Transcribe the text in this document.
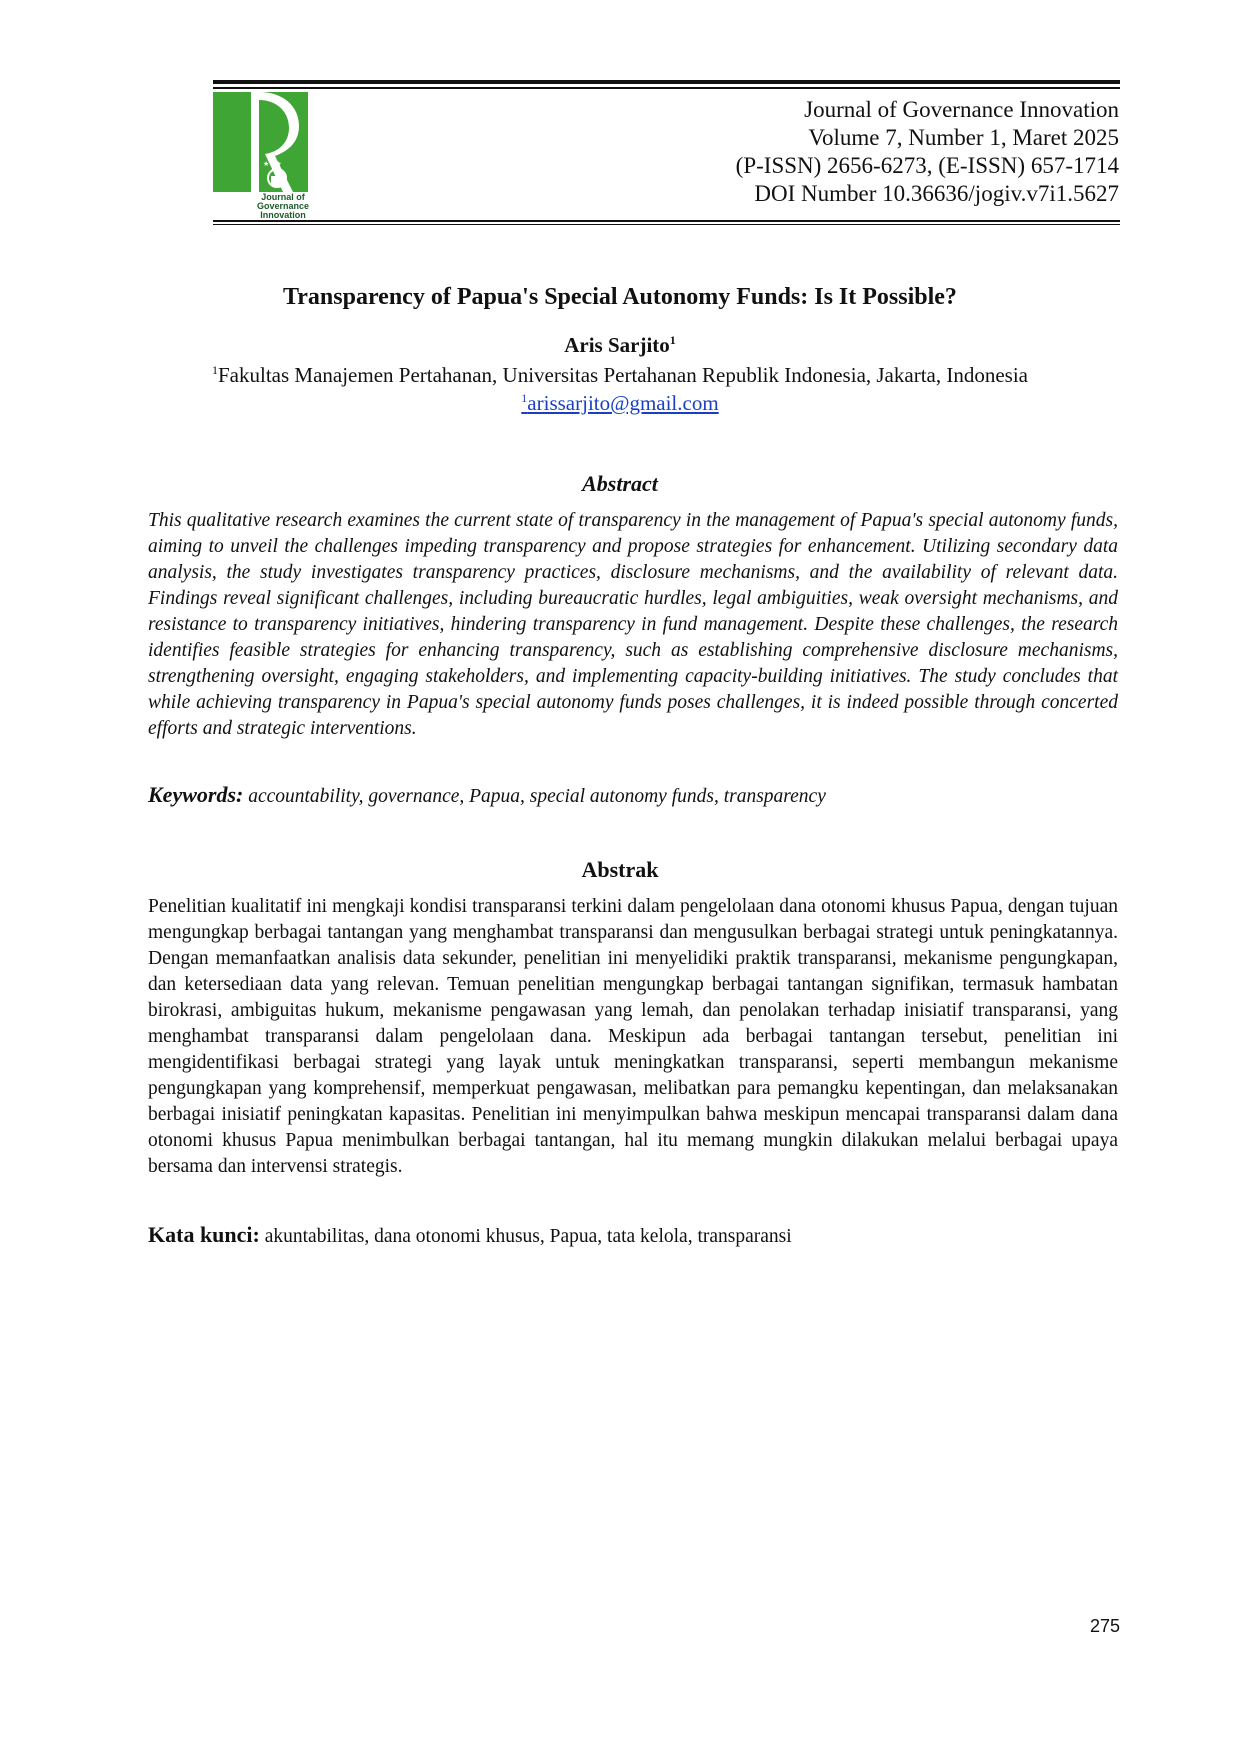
★★★
Journal of
Governance
Innovation
Journal of Governance Innovation
Volume 7, Number 1, Maret 2025
(P-ISSN) 2656-6273, (E-ISSN) 657-1714
DOI Number 10.36636/jogiv.v7i1.5627
Transparency of Papua's Special Autonomy Funds: Is It Possible?
Aris Sarjito$^1$
$^1$Fakultas Manajemen Pertahanan, Universitas Pertahanan Republik Indonesia, Jakarta, Indonesia
$^1$arissarjito@gmail.com
Abstract
This qualitative research examines the current state of transparency in the management of Papua's special autonomy funds, aiming to unveil the challenges impeding transparency and propose strategies for enhancement. Utilizing secondary data analysis, the study investigates transparency practices, disclosure mechanisms, and the availability of relevant data. Findings reveal significant challenges, including bureaucratic hurdles, legal ambiguities, weak oversight mechanisms, and resistance to transparency initiatives, hindering transparency in fund management. Despite these challenges, the research identifies feasible strategies for enhancing transparency, such as establishing comprehensive disclosure mechanisms, strengthening oversight, engaging stakeholders, and implementing capacity-building initiatives. The study concludes that while achieving transparency in Papua's special autonomy funds poses challenges, it is indeed possible through concerted efforts and strategic interventions.
Keywords: accountability, governance, Papua, special autonomy funds, transparency
Abstrak
Penelitian kualitatif ini mengkaji kondisi transparansi terkini dalam pengelolaan dana otonomi khusus Papua, dengan tujuan mengungkap berbagai tantangan yang menghambat transparansi dan mengusulkan berbagai strategi untuk peningkatannya. Dengan memanfaatkan analisis data sekunder, penelitian ini menyelidiki praktik transparansi, mekanisme pengungkapan, dan ketersediaan data yang relevan. Temuan penelitian mengungkap berbagai tantangan signifikan, termasuk hambatan birokrasi, ambiguitas hukum, mekanisme pengawasan yang lemah, dan penolakan terhadap inisiatif transparansi, yang menghambat transparansi dalam pengelolaan dana. Meskipun ada berbagai tantangan tersebut, penelitian ini mengidentifikasi berbagai strategi yang layak untuk meningkatkan transparansi, seperti membangun mekanisme pengungkapan yang komprehensif, memperkuat pengawasan, melibatkan para pemangku kepentingan, dan melaksanakan berbagai inisiatif peningkatan kapasitas. Penelitian ini menyimpulkan bahwa meskipun mencapai transparansi dalam dana otonomi khusus Papua menimbulkan berbagai tantangan, hal itu memang mungkin dilakukan melalui berbagai upaya bersama dan intervensi strategis.
Kata kunci: akuntabilitas, dana otonomi khusus, Papua, tata kelola, transparansi
275
